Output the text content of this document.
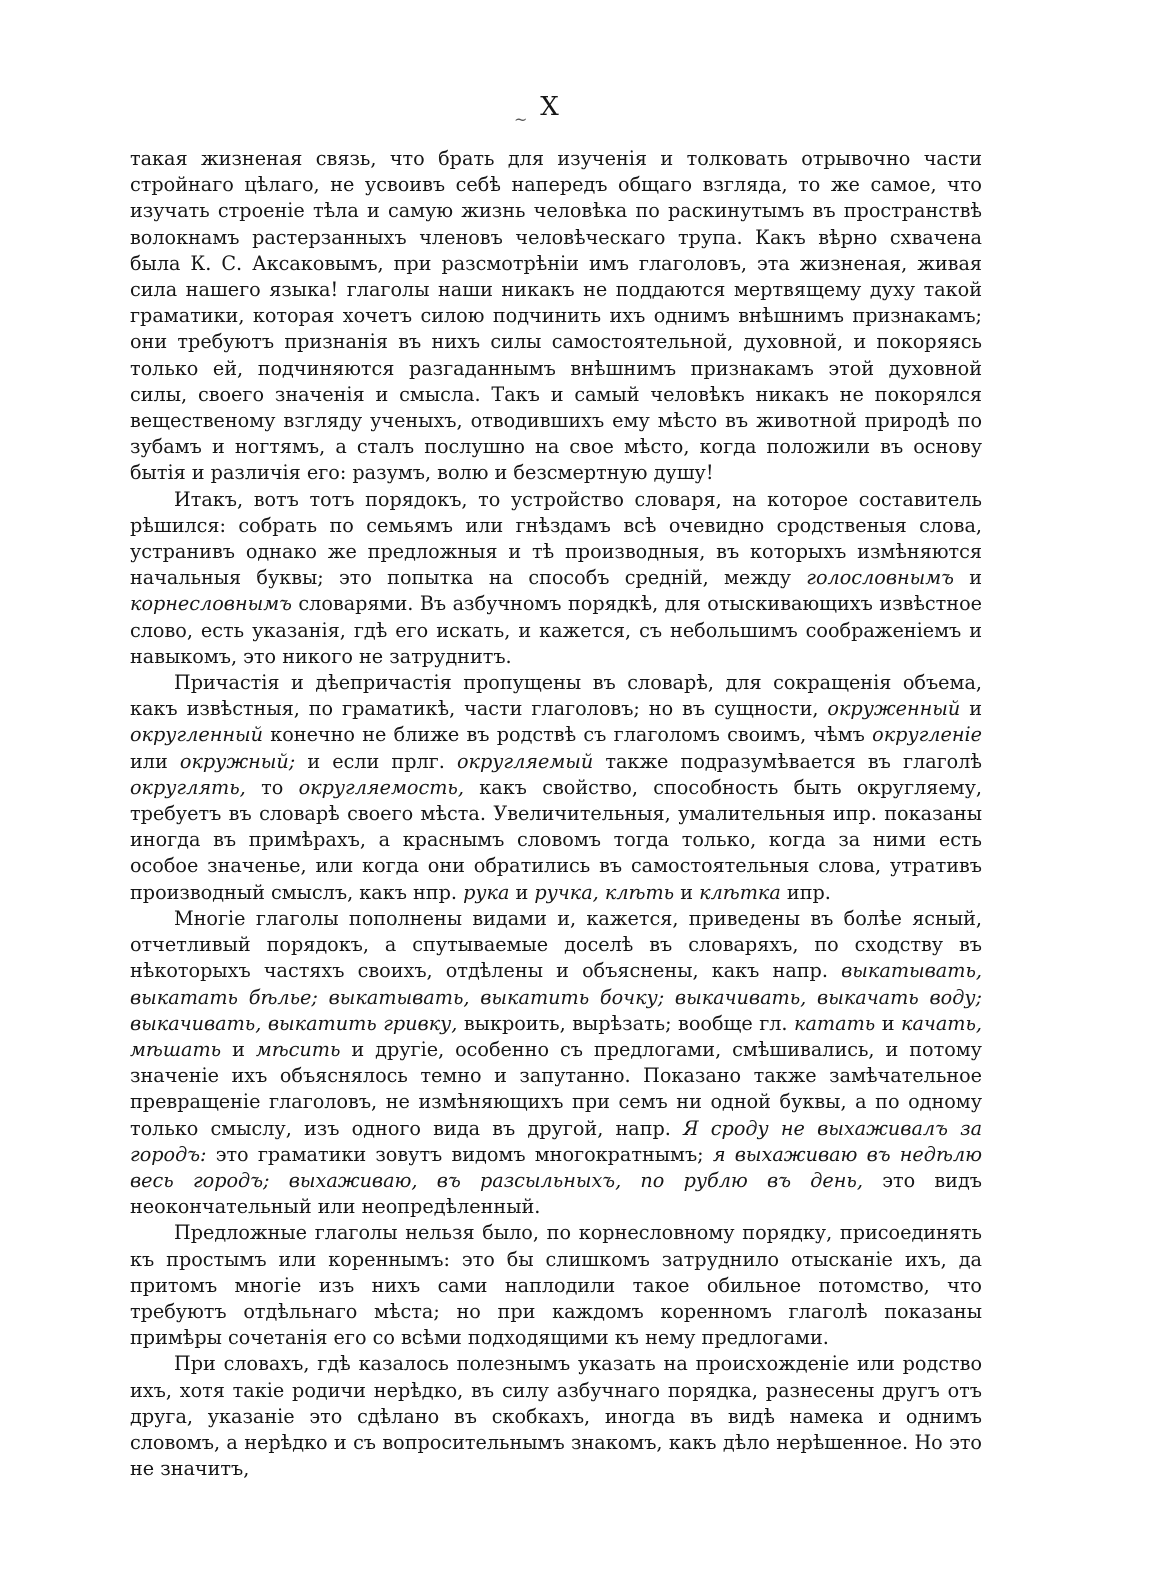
X
~

такая жизненая связь, что брать для изученія и толковать отрывочно части стройнаго цѣлаго, не усвоивъ себѣ напередъ общаго взгляда, то же самое, что изучать строеніе тѣла и самую жизнь человѣка по раскинутымъ въ пространствѣ волокнамъ растерзанныхъ членовъ человѣческаго трупа. Какъ вѣрно схвачена была К. С. Аксаковымъ, при разсмотрѣніи имъ глаголовъ, эта жизненая, живая сила нашего языка! глаголы наши никакъ не поддаются мертвящему духу такой граматики, которая хочетъ силою подчинить ихъ однимъ внѣшнимъ признакамъ; они требуютъ признанія въ нихъ силы самостоятельной, духовной, и покоряясь только ей, подчиняются разгаданнымъ внѣшнимъ признакамъ этой духовной силы, своего значенія и смысла. Такъ и самый человѣкъ никакъ не покорялся вещественому взгляду ученыхъ, отводившихъ ему мѣсто въ животной природѣ по зубамъ и ногтямъ, а сталъ послушно на свое мѣсто, когда положили въ основу бытія и различія его: разумъ, волю и безсмертную душу!

Итакъ, вотъ тотъ порядокъ, то устройство словаря, на которое составитель рѣшился: собрать по семьямъ или гнѣздамъ всѣ очевидно сродственыя слова, устранивъ однако же предложныя и тѣ производныя, въ которыхъ измѣняются начальныя буквы; это попытка на способъ средній, между голословнымъ и корнесловнымъ словарями. Въ азбучномъ порядкѣ, для отыскивающихъ извѣстное слово, есть указанія, гдѣ его искать, и кажется, съ небольшимъ соображеніемъ и навыкомъ, это никого не затруднитъ.

Причастія и дѣепричастія пропущены въ словарѣ, для сокращенія объема, какъ извѣстныя, по граматикѣ, части глаголовъ; но въ сущности, окруженный и округленный конечно не ближе въ родствѣ съ глаголомъ своимъ, чѣмъ округленіе или окружный; и если прлг. округляемый также подразумѣвается въ глаголѣ округлять, то округляемость, какъ свойство, способность быть округляему, требуетъ въ словарѣ своего мѣста. Увеличительныя, умалительныя ипр. показаны иногда въ примѣрахъ, а краснымъ словомъ тогда только, когда за ними есть особое значенье, или когда они обратились въ самостоятельныя слова, утративъ производный смыслъ, какъ нпр. рука и ручка, клѣть и клѣтка ипр.

Многіе глаголы пополнены видами и, кажется, приведены въ болѣе ясный, отчетливый порядокъ, а спутываемые доселѣ въ словаряхъ, по сходству въ нѣкоторыхъ частяхъ своихъ, отдѣлены и объяснены, какъ напр. выкатывать, выкатать бѣлье; выкатывать, выкатить бочку; выкачивать, выкачать воду; выкачивать, выкатить гривку, выкроить, вырѣзать; вообще гл. катать и качать, мѣшать и мѣсить и другіе, особенно съ предлогами, смѣшивались, и потому значеніе ихъ объяснялось темно и запутанно. Показано также замѣчательное превращеніе глаголовъ, не измѣняющихъ при семъ ни одной буквы, а по одному только смыслу, изъ одного вида въ другой, напр. Я сроду не выхаживалъ за городъ: это граматики зовутъ видомъ многократнымъ; я выхаживаю въ недѣлю весь городъ; выхаживаю, въ разсыльныхъ, по рублю въ день, это видъ неокончательный или неопредѣленный.

Предложные глаголы нельзя было, по корнесловному порядку, присоединять къ простымъ или кореннымъ: это бы слишкомъ затруднило отысканіе ихъ, да притомъ многіе изъ нихъ сами наплодили такое обильное потомство, что требуютъ отдѣльнаго мѣста; но при каждомъ коренномъ глаголѣ показаны примѣры сочетанія его со всѣми подходящими къ нему предлогами.

При словахъ, гдѣ казалось полезнымъ указать на происхожденіе или родство ихъ, хотя такіе родичи нерѣдко, въ силу азбучнаго порядка, разнесены другъ отъ друга, указаніе это сдѣлано въ скобкахъ, иногда въ видѣ намека и однимъ словомъ, а нерѣдко и съ вопросительнымъ знакомъ, какъ дѣло нерѣшенное. Но это не значитъ,
